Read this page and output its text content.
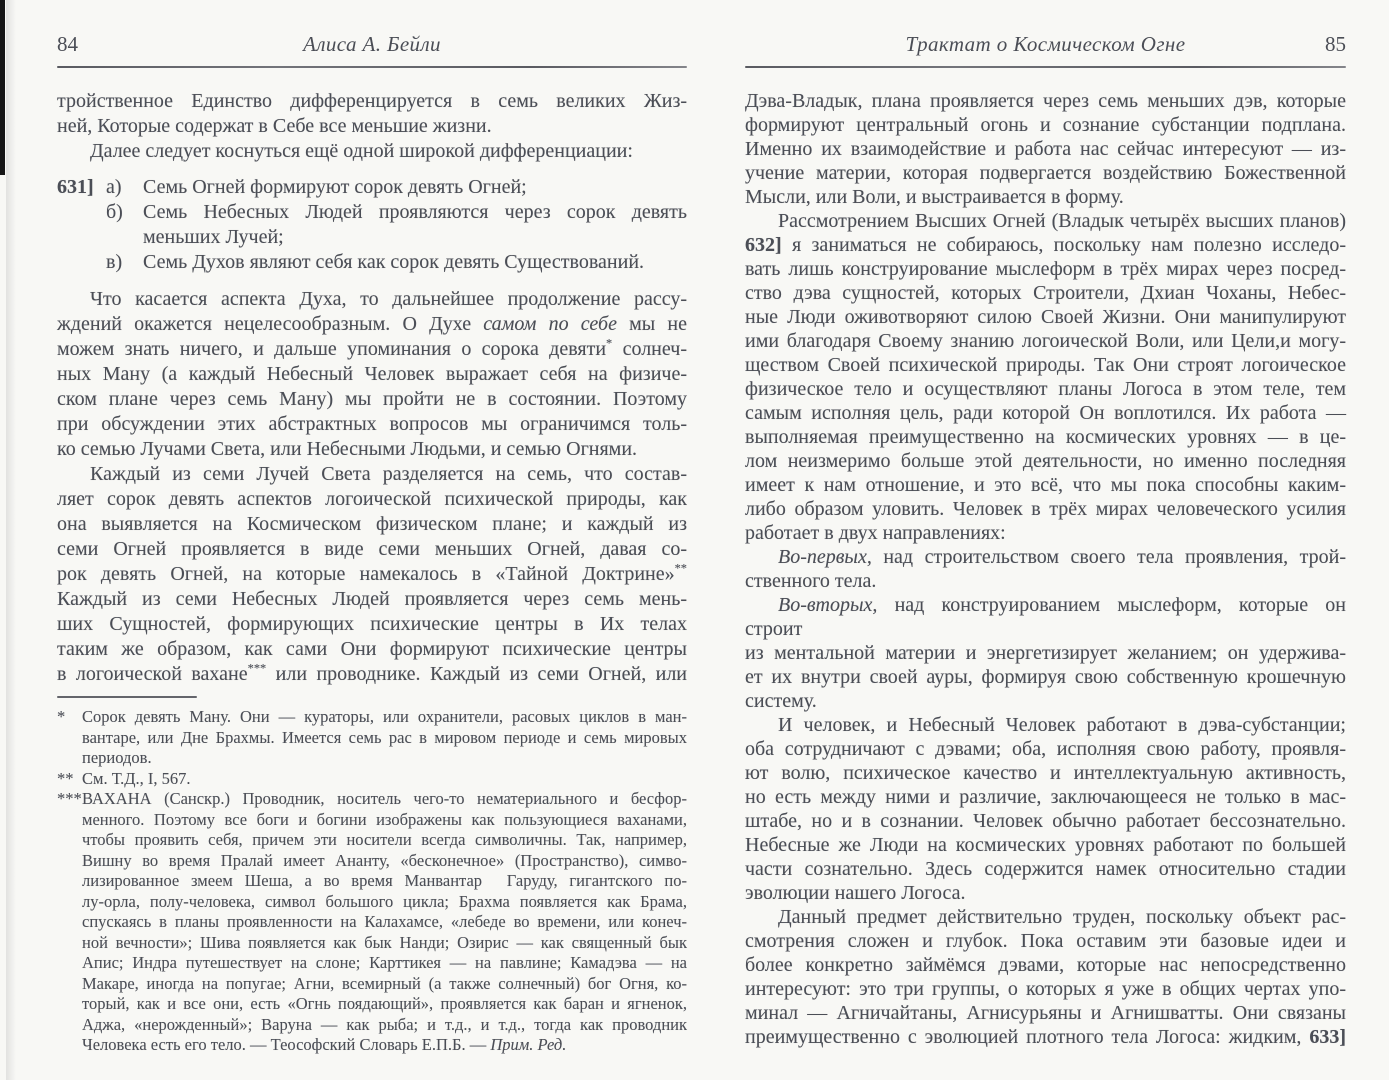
84	Алиса А. Бейли
тройственное Единство дифференцируется в семь великих Жиз-
ней, Которые содержат в Себе все меньшие жизни.
Далее следует коснуться ещё одной широкой дифференциации:
631] а)	Семь Огней формируют сорок девять Огней;
б)	Семь Небесных Людей проявляются через сорок девять
меньших Лучей;
в)	Семь Духов являют себя как сорок девять Существований.
Что касается аспекта Духа, то дальнейшее продолжение рассу-
ждений окажется нецелесообразным. О Духе самом по себе мы не
можем знать ничего, и дальше упоминания о сорока девяти* солнеч-
ных Ману (а каждый Небесный Человек выражает себя на физиче-
ском плане через семь Ману) мы пройти не в состоянии. Поэтому
при обсуждении этих абстрактных вопросов мы ограничимся толь-
ко семью Лучами Света, или Небесными Людьми, и семью Огнями.
Каждый из семи Лучей Света разделяется на семь, что состав-
ляет сорок девять аспектов логоической психической природы, как
она выявляется на Космическом физическом плане; и каждый из
семи Огней проявляется в виде семи меньших Огней, давая со-
рок девять Огней, на которые намекалось в «Тайной Доктрине»**
Каждый из семи Небесных Людей проявляется через семь мень-
ших Сущностей, формирующих психические центры в Их телах
таким же образом, как сами Они формируют психические центры
в логоической вахане*** или проводнике. Каждый из семи Огней, или
* Сорок девять Ману. Они — кураторы, или охранители, расовых циклов в ман-
вантаре, или Дне Брахмы. Имеется семь рас в мировом периоде и семь мировых
периодов.
** См. Т.Д., I, 567.
*** ВАХАНА (Санскр.) Проводник, носитель чего-то нематериального и бесфор-
менного. Поэтому все боги и богини изображены как пользующиеся ваханами,
чтобы проявить себя, причем эти носители всегда символичны. Так, например,
Вишну во время Пралай имеет Ананту, «бесконечное» (Пространство), симво-
лизированное змеем Шеша, а во время Манвантар  Гаруду, гигантского по-
лу-орла, полу-человека, символ большого цикла; Брахма появляется как Брама,
спускаясь в планы проявленности на Калахамсе, «лебеде во времени, или конеч-
ной вечности»; Шива появляется как бык Нанди; Озирис — как священный бык
Апис; Индра путешествует на слоне; Карттикея — на павлине; Камадэва — на
Макаре, иногда на попугае; Агни, всемирный (а также солнечный) бог Огня, ко-
торый, как и все они, есть «Огнь поядающий», проявляется как баран и ягненок,
Аджа, «нерожденный»; Варуна — как рыба; и т.д., и т.д., тогда как проводник
Человека есть его тело. — Теософский Словарь Е.П.Б. — Прим. Ред.
Трактат о Космическом Огне	85
Дэва-Владык, плана проявляется через семь меньших дэв, которые
формируют центральный огонь и сознание субстанции подплана.
Именно их взаимодействие и работа нас сейчас интересуют — из-
учение материи, которая подвергается воздействию Божественной
Мысли, или Воли, и выстраивается в форму.
Рассмотрением Высших Огней (Владык четырёх высших планов)
632] я заниматься не собираюсь, поскольку нам полезно исследо-
вать лишь конструирование мыслеформ в трёх мирах через посред-
ство дэва сущностей, которых Строители, Дхиан Чоханы, Небес-
ные Люди оживотворяют силою Своей Жизни. Они манипулируют
ими благодаря Своему знанию логоической Воли, или Цели,и могу-
ществом Своей психической природы. Так Они строят логоическое
физическое тело и осуществляют планы Логоса в этом теле, тем
самым исполняя цель, ради которой Он воплотился. Их работа —
выполняемая преимущественно на космических уровнях — в це-
лом неизмеримо больше этой деятельности, но именно последняя
имеет к нам отношение, и это всё, что мы пока способны каким-
либо образом уловить. Человек в трёх мирах человеческого усилия
работает в двух направлениях:
Во-первых, над строительством своего тела проявления, трой-
ственного тела.
Во-вторых, над конструированием мыслеформ, которые он строит
из ментальной материи и энергетизирует желанием; он удержива-
ет их внутри своей ауры, формируя свою собственную крошечную
систему.
И человек, и Небесный Человек работают в дэва-субстанции;
оба сотрудничают с дэвами; оба, исполняя свою работу, проявля-
ют волю, психическое качество и интеллектуальную активность,
но есть между ними и различие, заключающееся не только в мас-
штабе, но и в сознании. Человек обычно работает бессознательно.
Небесные же Люди на космических уровнях работают по большей
части сознательно. Здесь содержится намек относительно стадии
эволюции нашего Логоса.
Данный предмет действительно труден, поскольку объект рас-
смотрения сложен и глубок. Пока оставим эти базовые идеи и
более конкретно займёмся дэвами, которые нас непосредственно
интересуют: это три группы, о которых я уже в общих чертах упо-
минал — Агничайтаны, Агнисурьяны и Агнишватты. Они связаны
преимущественно с эволюцией плотного тела Логоса: жидким, 633]
